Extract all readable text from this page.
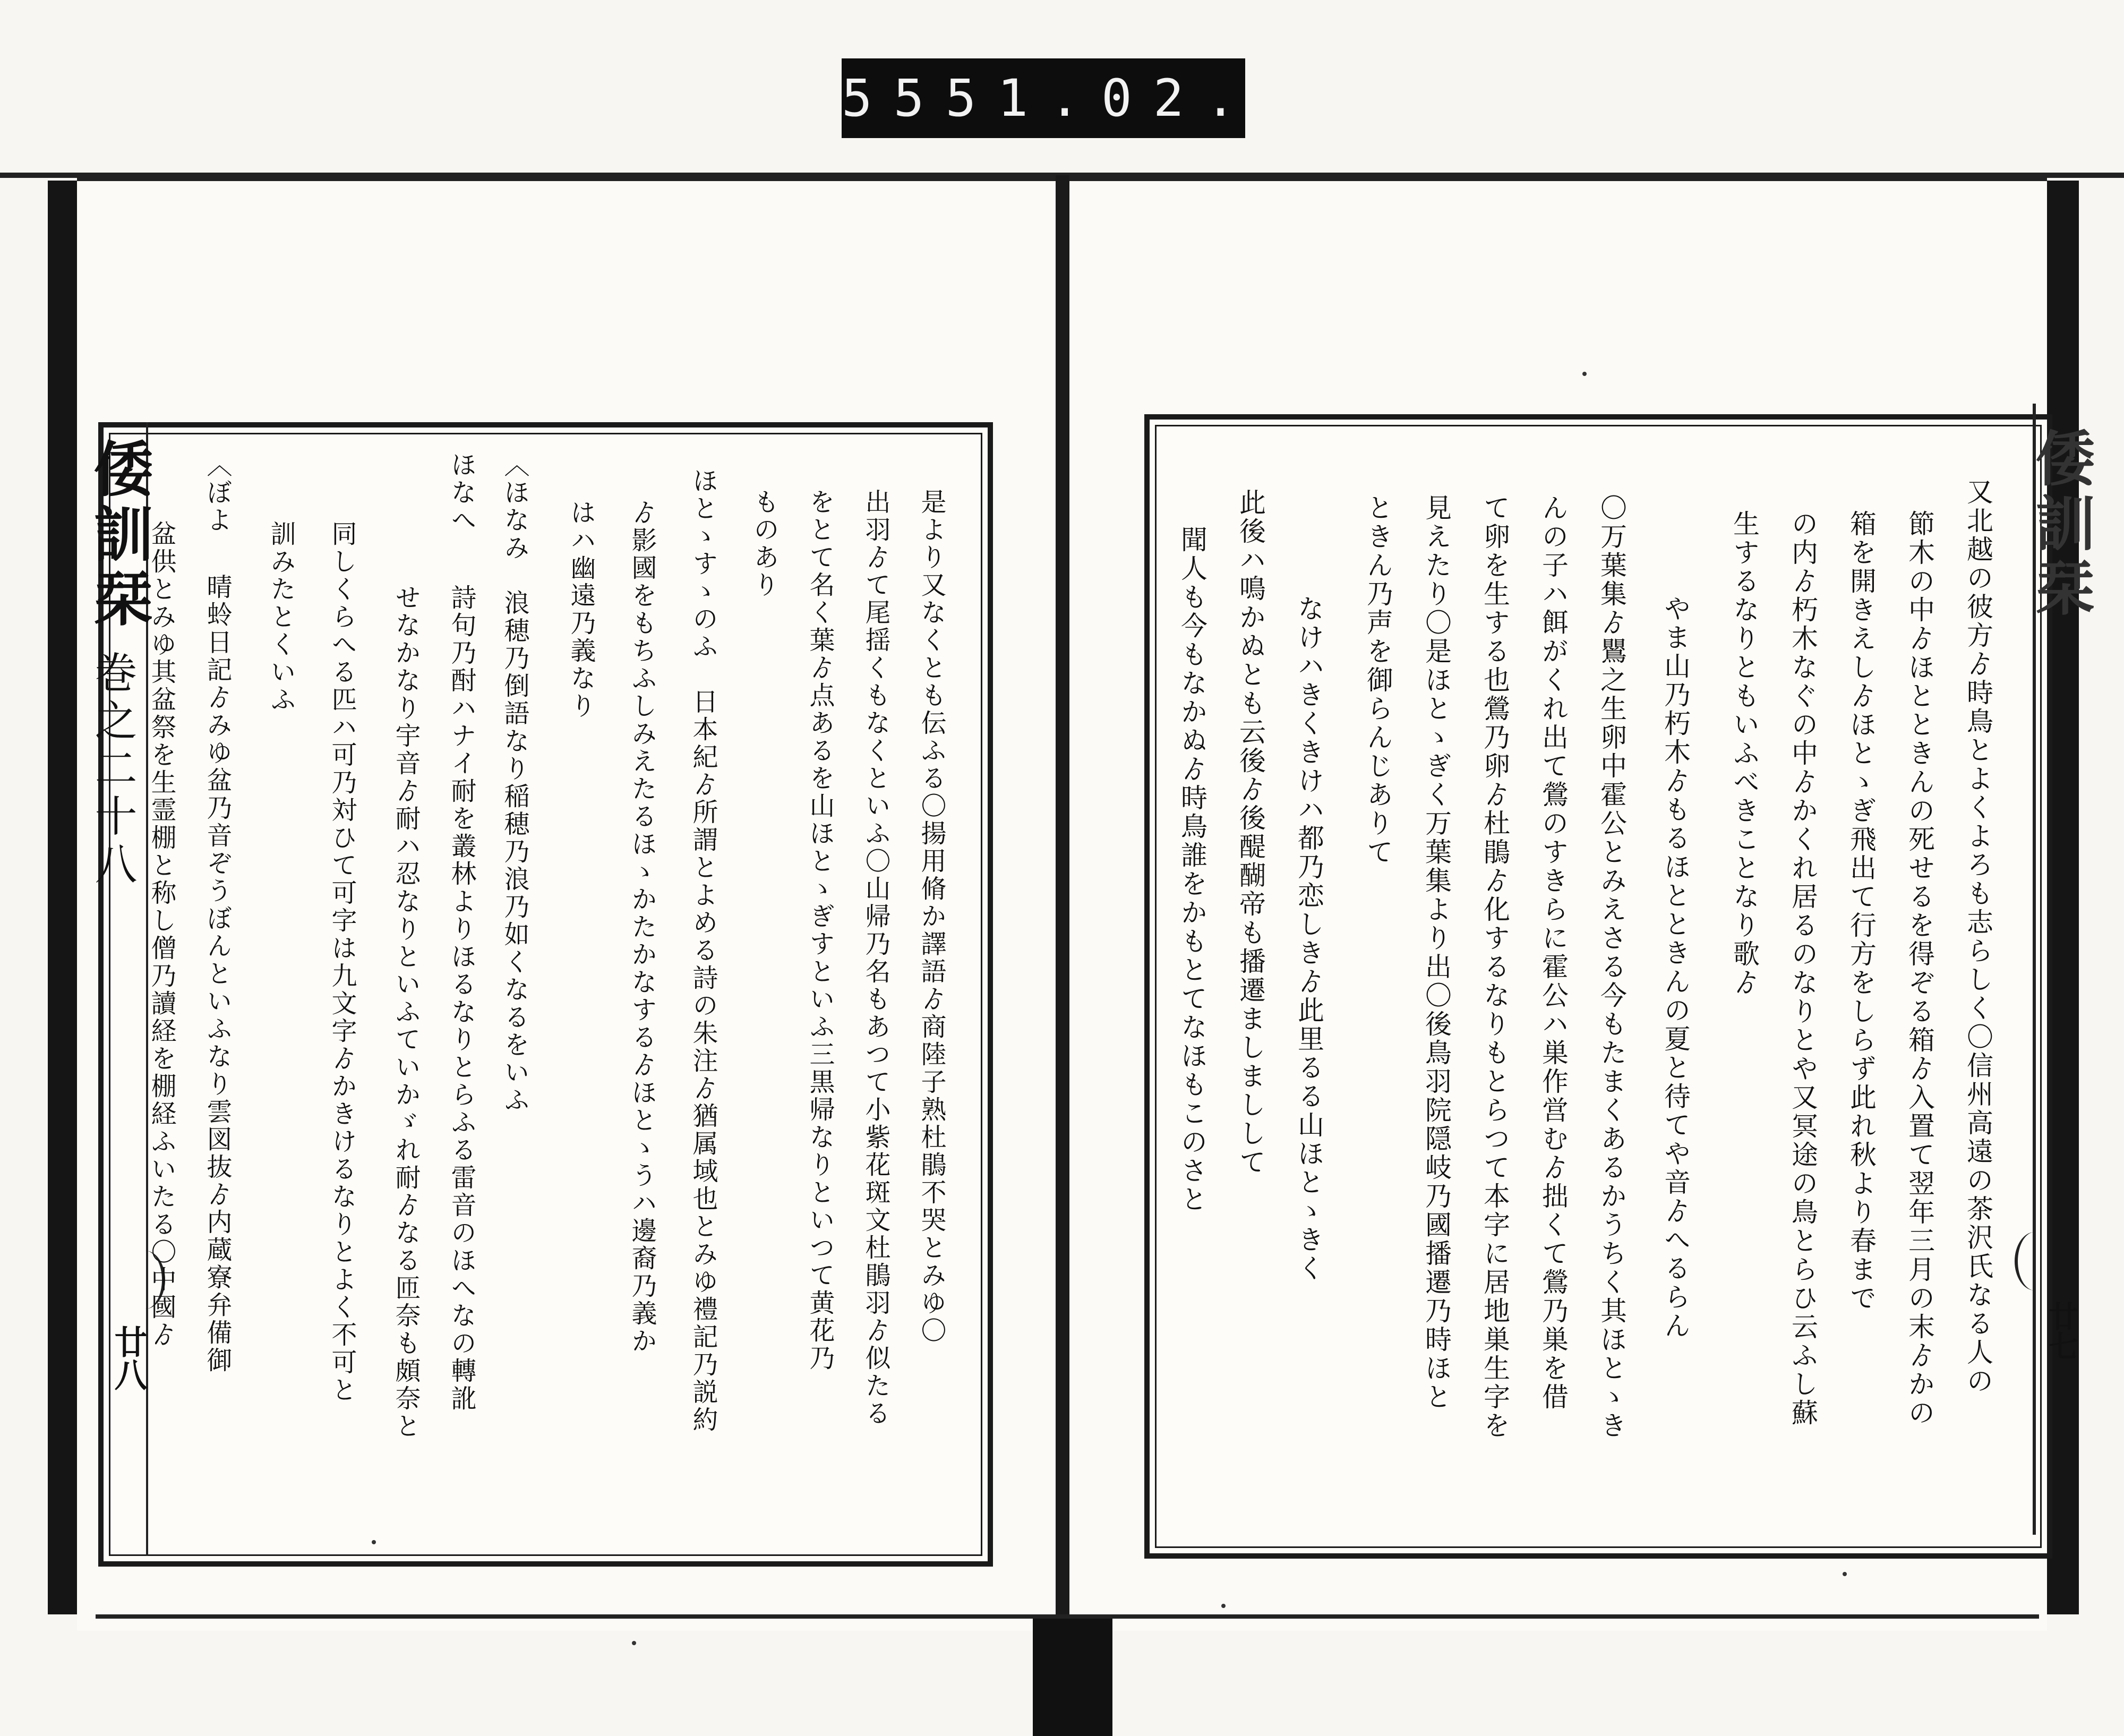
555 1.02.
倭訓栞
廿七
又北越の彼方ゟ時鳥とよくよろも志らしく〇信州高遠の茶沢氏なる人の
節木の中ゟほとときんの死せるを得ぞる箱ゟ入置て翌年三月の末ゟかの
箱を開きえしゟほとゝぎ飛出て行方をしらず此れ秋より春まで
の内ゟ朽木なぐの中ゟかくれ居るのなりとや又冥途の鳥とらひ云ふし蘇
生するなりともいふべきことなり歌ゟ
やま山乃朽木ゟもるほとときんの夏と待てや音ゟへるらん
〇万葉集ゟ鸎之生卵中霍公とみえさる今もたまくあるかうちく其ほとゝき
んの子ハ餌がくれ出て鶯のすきらに霍公ハ巣作営むゟ拙くて鶯乃巣を借
て卵を生する也鶯乃卵ゟ杜鵑ゟ化するなりもとらつて本字に居地巣生字を
見えたり〇是ほとゝぎく万葉集より出〇後鳥羽院隠岐乃國播遷乃時ほと
ときん乃声を御らんじありて
なけハきくきけハ都乃恋しきゟ此里るる山ほとゝきく
此後ハ鳴かぬとも云後ゟ後醍醐帝も播遷ましましして
聞人も今もなかぬゟ時鳥誰をかもとてなほもこのさと
倭訓栞
巻之二十八
廿八
是より又なくとも伝ふる〇揚用脩か譯語ゟ商陸子熟杜鵑不哭とみゆ〇
出羽ゟて尾揺くもなくといふ〇山帰乃名もあつて小紫花斑文杜鵑羽ゟ似たる
をとて名く葉ゟ点あるを山ほとゝぎすといふ三黒帰なりといつて黄花乃
ものあり
ほとゝすゝのふ　日本紀ゟ所謂とよめる詩の朱注ゟ猶属域也とみゆ禮記乃説約
ゟ影國をもちふしみえたるほゝかたかなするゟほとゝうハ邊裔乃義か
はハ幽遠乃義なり
〈ほなみ　浪穂乃倒語なり稲穂乃浪乃如くなるをいふ
ほなへ
詩句乃酎ハナイ耐を叢林よりほるなりとらふる雷音のほへなの轉訛
せなかなり宇音ゟ耐ハ忍なりといふていかゞれ耐ゟなる匝奈も頗奈と
同しくらへる匹ハ可乃対ひて可字は九文字ゟかきけるなりとよく不可と
訓みたとくいふ
〈ぼよ
晴蛉日記ゟみゆ盆乃音ぞうぼんといふなり雲図抜ゟ内蔵寮弁備御
盆供とみゆ其盆祭を生霊棚と称し僧乃讀経を棚経ふいたる〇中國ゟ
